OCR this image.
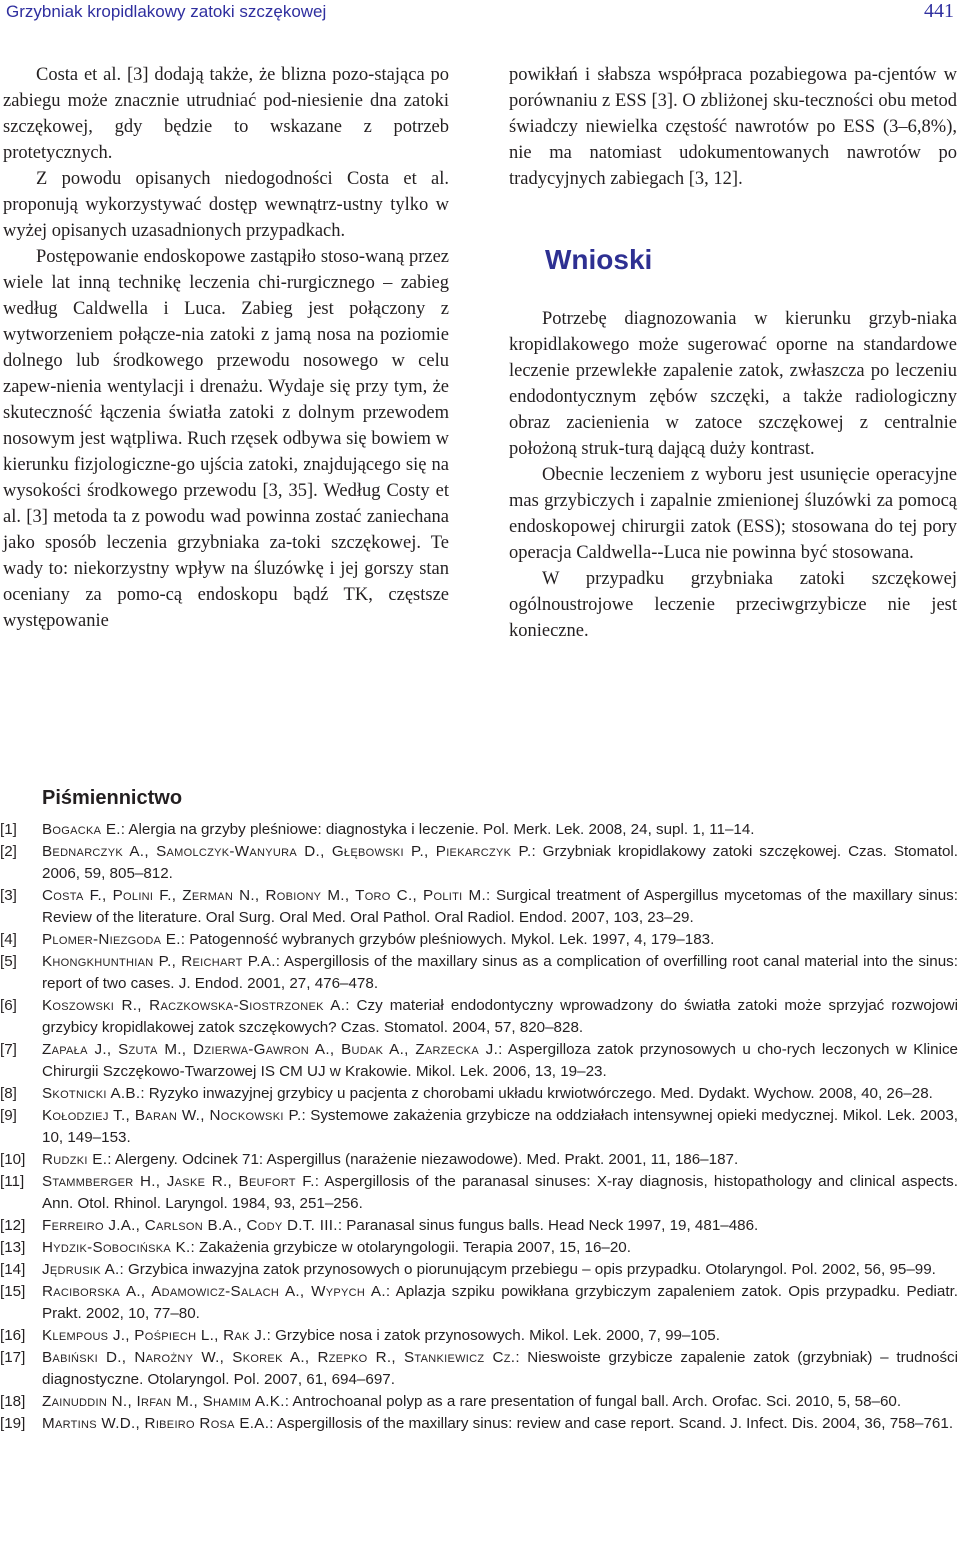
Grzybniak kropidlakowy zatoki szczękowej	441

Costa et al. [3] dodają także, że blizna pozo-stająca po zabiegu może znacznie utrudniać pod-niesienie dna zatoki szczękowej, gdy będzie to wskazane z potrzeb protetycznych.

Z powodu opisanych niedogodności Costa et al. proponują wykorzystywać dostęp wewnątrz-ustny tylko w wyżej opisanych uzasadnionych przypadkach.

Postępowanie endoskopowe zastąpiło stoso-waną przez wiele lat inną technikę leczenia chi-rurgicznego – zabieg według Caldwella i Luca. Zabieg jest połączony z wytworzeniem połącze-nia zatoki z jamą nosa na poziomie dolnego lub środkowego przewodu nosowego w celu zapew-nienia wentylacji i drenażu. Wydaje się przy tym, że skuteczność łączenia światła zatoki z dolnym przewodem nosowym jest wątpliwa. Ruch rzęsek odbywa się bowiem w kierunku fizjologiczne-go ujścia zatoki, znajdującego się na wysokości środkowego przewodu [3, 35]. Według Costy et al. [3] metoda ta z powodu wad powinna zostać zaniechana jako sposób leczenia grzybniaka za-toki szczękowej. Te wady to: niekorzystny wpływ na śluzówkę i jej gorszy stan oceniany za pomo-cą endoskopu bądź TK, częstsze występowanie

powikłań i słabsza współpraca pozabiegowa pa-cjentów w porównaniu z ESS [3]. O zbliżonej sku-teczności obu metod świadczy niewielka częstość nawrotów po ESS (3–6,8%), nie ma natomiast udokumentowanych nawrotów po tradycyjnych zabiegach [3, 12].

Wnioski

Potrzebę diagnozowania w kierunku grzyb-niaka kropidlakowego może sugerować oporne na standardowe leczenie przewlekłe zapalenie zatok, zwłaszcza po leczeniu endodontycznym zębów szczęki, a także radiologiczny obraz zacienienia w zatoce szczękowej z centralnie położoną struk-turą dającą duży kontrast.

Obecnie leczeniem z wyboru jest usunięcie operacyjne mas grzybiczych i zapalnie zmienionej śluzówki za pomocą endoskopowej chirurgii zatok (ESS); stosowana do tej pory operacja Caldwella--Luca nie powinna być stosowana.

W przypadku grzybniaka zatoki szczękowej ogólnoustrojowe leczenie przeciwgrzybicze nie jest konieczne.

Piśmiennictwo
[1]	Bogacka E.: Alergia na grzyby pleśniowe: diagnostyka i leczenie. Pol. Merk. Lek. 2008, 24, supl. 1, 11–14.
[2]	Bednarczyk A., Samolczyk-Wanyura D., Głębowski P., Piekarczyk P.: Grzybniak kropidlakowy zatoki szczękowej. Czas. Stomatol. 2006, 59, 805–812.
[3]	Costa F., Polini F., Zerman N., Robiony M., Toro C., Politi M.: Surgical treatment of Aspergillus mycetomas of the maxillary sinus: Review of the literature. Oral Surg. Oral Med. Oral Pathol. Oral Radiol. Endod. 2007, 103, 23–29.
[4]	Plomer-Niezgoda E.: Patogenność wybranych grzybów pleśniowych. Mykol. Lek. 1997, 4, 179–183.
[5]	Khongkhunthian P., Reichart P.A.: Aspergillosis of the maxillary sinus as a complication of overfilling root canal material into the sinus: report of two cases. J. Endod. 2001, 27, 476–478.
[6]	Koszowski R., Raczkowska-Siostrzonek A.: Czy materiał endodontyczny wprowadzony do światła zatoki może sprzyjać rozwojowi grzybicy kropidlakowej zatok szczękowych? Czas. Stomatol. 2004, 57, 820–828.
[7]	Zapała J., Szuta M., Dzierwa-Gawron A., Budak A., Zarzecka J.: Aspergilloza zatok przynosowych u cho-rych leczonych w Klinice Chirurgii Szczękowo-Twarzowej IS CM UJ w Krakowie. Mikol. Lek. 2006, 13, 19–23.
[8]	Skotnicki A.B.: Ryzyko inwazyjnej grzybicy u pacjenta z chorobami układu krwiotwórczego. Med. Dydakt. Wychow. 2008, 40, 26–28.
[9]	Kołodziej T., Baran W., Nockowski P.: Systemowe zakażenia grzybicze na oddziałach intensywnej opieki medycznej. Mikol. Lek. 2003, 10, 149–153.
[10]	Rudzki E.: Alergeny. Odcinek 71: Aspergillus (narażenie niezawodowe). Med. Prakt. 2001, 11, 186–187.
[11]	Stammberger H., Jaske R., Beufort F.: Aspergillosis of the paranasal sinuses: X-ray diagnosis, histopathology and clinical aspects. Ann. Otol. Rhinol. Laryngol. 1984, 93, 251–256.
[12]	Ferreiro J.A., Carlson B.A., Cody D.T. III.: Paranasal sinus fungus balls. Head Neck 1997, 19, 481–486.
[13]	Hydzik-Sobocińska K.: Zakażenia grzybicze w otolaryngologii. Terapia 2007, 15, 16–20.
[14]	Jędrusik A.: Grzybica inwazyjna zatok przynosowych o piorunującym przebiegu – opis przypadku. Otolaryngol. Pol. 2002, 56, 95–99.
[15]	Raciborska A., Adamowicz-Salach A., Wypych A.: Aplazja szpiku powikłana grzybiczym zapaleniem zatok. Opis przypadku. Pediatr. Prakt. 2002, 10, 77–80.
[16]	Klempous J., Pośpiech L., Rak J.: Grzybice nosa i zatok przynosowych. Mikol. Lek. 2000, 7, 99–105.
[17]	Babiński D., Narożny W., Skorek A., Rzepko R., Stankiewicz Cz.: Nieswoiste grzybicze zapalenie zatok (grzybniak) – trudności diagnostyczne. Otolaryngol. Pol. 2007, 61, 694–697.
[18]	Zainuddin N., Irfan M., Shamim A.K.: Antrochoanal polyp as a rare presentation of fungal ball. Arch. Orofac. Sci. 2010, 5, 58–60.
[19]	Martins W.D., Ribeiro Rosa E.A.: Aspergillosis of the maxillary sinus: review and case report. Scand. J. Infect. Dis. 2004, 36, 758–761.
